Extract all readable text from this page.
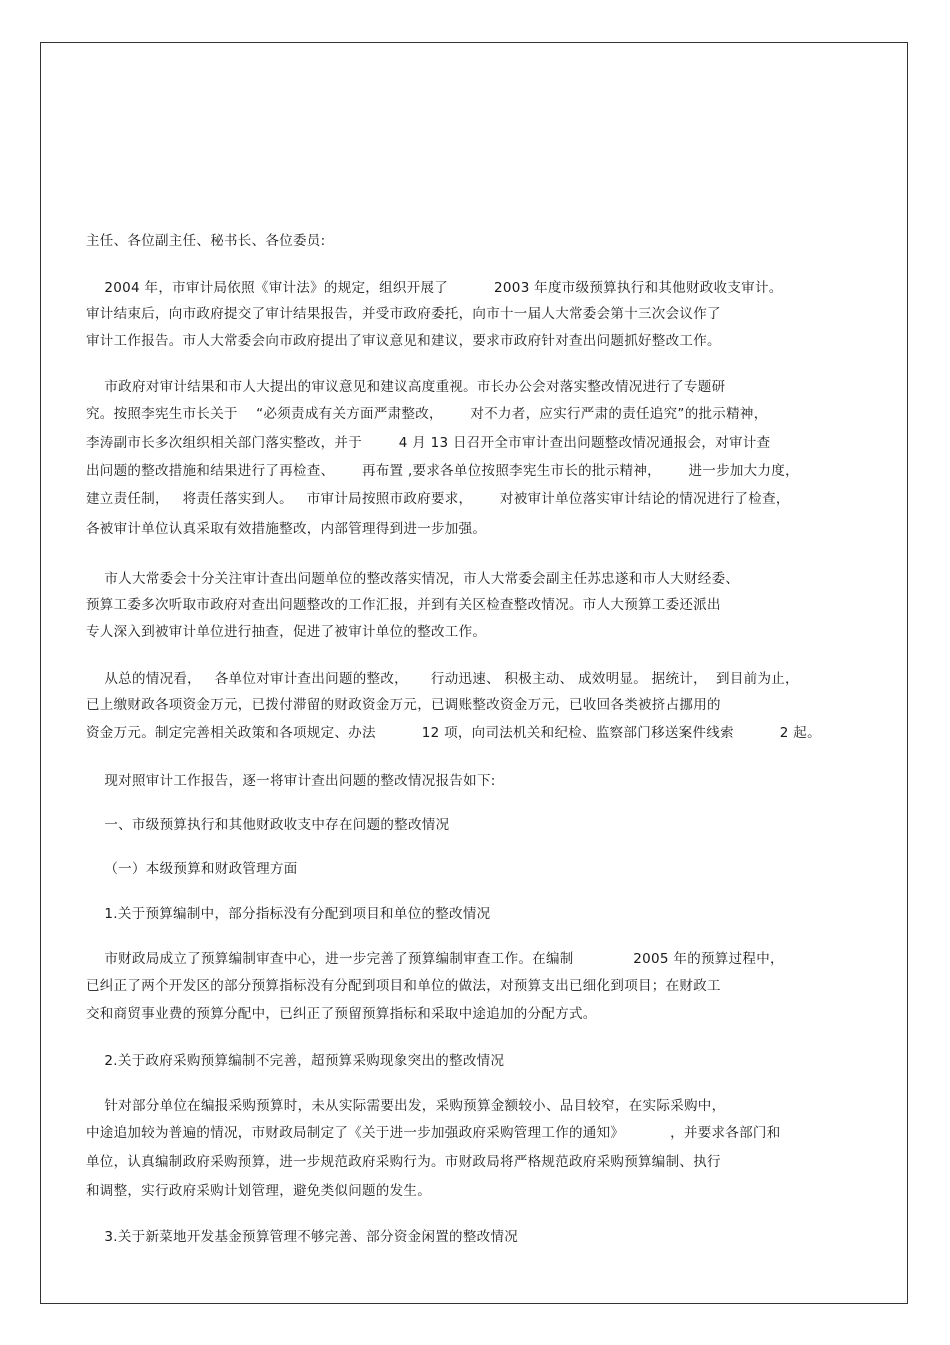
主任、各位副主任、秘书长、各位委员:
2004 年，市审计局依照《审计法》的规定，组织开展了          2003 年度市级预算执行和其他财政收支审计。
审计结束后，向市政府提交了审计结果报告，并受市政府委托，向市十一届人大常委会第十三次会议作了
审计工作报告。市人大常委会向市政府提出了审议意见和建议，要求市政府针对查出问题抓好整改工作。
市政府对审计结果和市人大提出的审议意见和建议高度重视。市长办公会对落实整改情况进行了专题研
究。按照李宪生市长关于    “必须责成有关方面严肃整改，      对不力者，应实行严肃的责任追究”的批示精神，
李涛副市长多次组织相关部门落实整改，并于        4 月 13 日召开全市审计查出问题整改情况通报会，对审计查
出问题的整改措施和结果进行了再检查、      再布置 ,要求各单位按照李宪生市长的批示精神，      进一步加大力度，
建立责任制，   将责任落实到人。   市审计局按照市政府要求，      对被审计单位落实审计结论的情况进行了检查，
各被审计单位认真采取有效措施整改，内部管理得到进一步加强。
市人大常委会十分关注审计查出问题单位的整改落实情况，市人大常委会副主任苏忠遂和市人大财经委、
预算工委多次听取市政府对查出问题整改的工作汇报，并到有关区检查整改情况。市人大预算工委还派出
专人深入到被审计单位进行抽查，促进了被审计单位的整改工作。
从总的情况看，   各单位对审计查出问题的整改，     行动迅速、 积极主动、 成效明显。 据统计，  到目前为止，
已上缴财政各项资金万元，已拨付滞留的财政资金万元，已调账整改资金万元，已收回各类被挤占挪用的
资金万元。制定完善相关政策和各项规定、办法          12 项，向司法机关和纪检、监察部门移送案件线索          2 起。
现对照审计工作报告，逐一将审计查出问题的整改情况报告如下:
一、市级预算执行和其他财政收支中存在问题的整改情况
（一）本级预算和财政管理方面
1.关于预算编制中，部分指标没有分配到项目和单位的整改情况
市财政局成立了预算编制审查中心，进一步完善了预算编制审查工作。在编制             2005 年的预算过程中，
已纠正了两个开发区的部分预算指标没有分配到项目和单位的做法，对预算支出已细化到项目；在财政工
交和商贸事业费的预算分配中，已纠正了预留预算指标和采取中途追加的分配方式。
2.关于政府采购预算编制不完善，超预算采购现象突出的整改情况
针对部分单位在编报采购预算时，未从实际需要出发，采购预算金额较小、品目较窄，在实际采购中，
中途追加较为普遍的情况，市财政局制定了《关于进一步加强政府采购管理工作的通知》          ，并要求各部门和
单位，认真编制政府采购预算，进一步规范政府采购行为。市财政局将严格规范政府采购预算编制、执行
和调整，实行政府采购计划管理，避免类似问题的发生。
3.关于新菜地开发基金预算管理不够完善、部分资金闲置的整改情况
